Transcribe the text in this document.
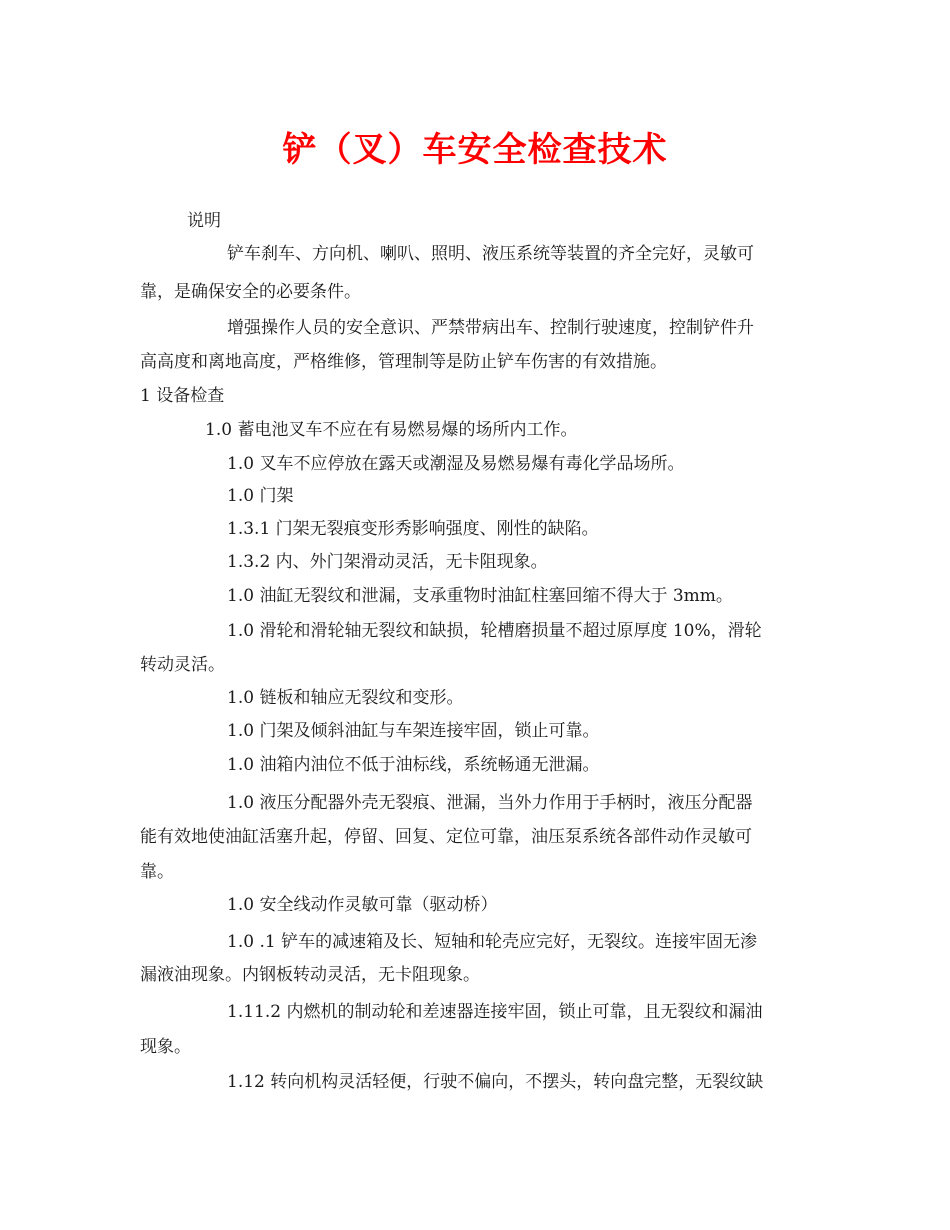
铲（叉）车安全检查技术
说明
铲车刹车、方向机、喇叭、照明、液压系统等装置的齐全完好，灵敏可
靠，是确保安全的必要条件。
增强操作人员的安全意识、严禁带病出车、控制行驶速度，控制铲件升
高高度和离地高度，严格维修，管理制等是防止铲车伤害的有效措施。
1 设备检查
1.0 蓄电池叉车不应在有易燃易爆的场所内工作。
1.0 叉车不应停放在露天或潮湿及易燃易爆有毒化学品场所。
1.0 门架
1.3.1 门架无裂痕变形秀影响强度、刚性的缺陷。
1.3.2 内、外门架滑动灵活，无卡阻现象。
1.0 油缸无裂纹和泄漏，支承重物时油缸柱塞回缩不得大于 3mm。
1.0 滑轮和滑轮轴无裂纹和缺损，轮槽磨损量不超过原厚度 10%，滑轮
转动灵活。
1.0 链板和轴应无裂纹和变形。
1.0 门架及倾斜油缸与车架连接牢固，锁止可靠。
1.0 油箱内油位不低于油标线，系统畅通无泄漏。
1.0 液压分配器外壳无裂痕、泄漏，当外力作用于手柄时，液压分配器
能有效地使油缸活塞升起，停留、回复、定位可靠，油压泵系统各部件动作灵敏可
靠。
1.0 安全线动作灵敏可靠（驱动桥）
1.0 .1 铲车的减速箱及长、短轴和轮壳应完好，无裂纹。连接牢固无渗
漏液油现象。内钢板转动灵活，无卡阻现象。
1.11.2 内燃机的制动轮和差速器连接牢固，锁止可靠，且无裂纹和漏油
现象。
1.12 转向机构灵活轻便，行驶不偏向，不摆头，转向盘完整，无裂纹缺
